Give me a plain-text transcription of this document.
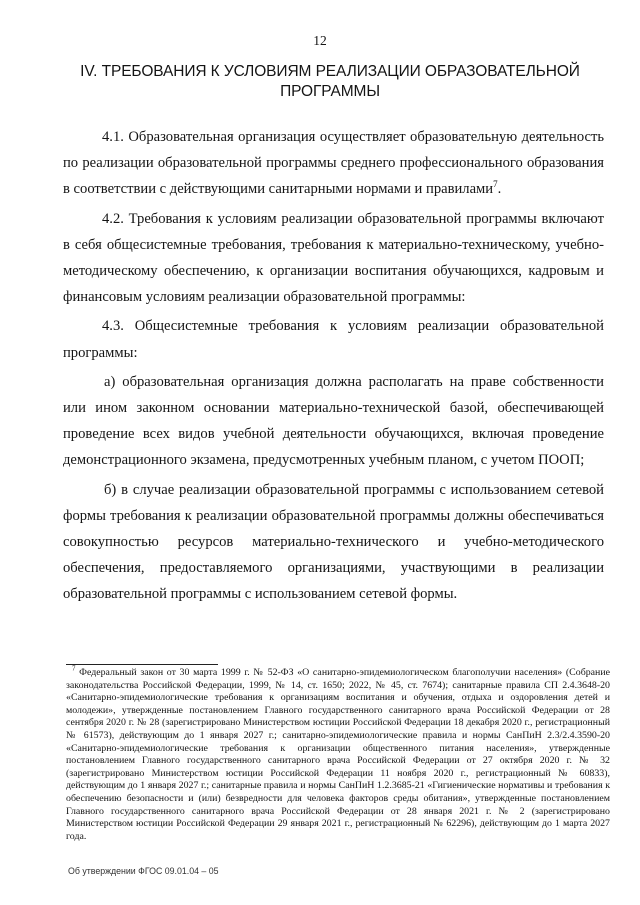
12
IV. ТРЕБОВАНИЯ К УСЛОВИЯМ РЕАЛИЗАЦИИ ОБРАЗОВАТЕЛЬНОЙ ПРОГРАММЫ

4.1. Образовательная организация осуществляет образовательную деятельность по реализации образовательной программы среднего профессионального образования в соответствии с действующими санитарными нормами и правилами$^7$.

4.2. Требования к условиям реализации образовательной программы включают в себя общесистемные требования, требования к материально-техническому, учебно-методическому обеспечению, к организации воспитания обучающихся, кадровым и финансовым условиям реализации образовательной программы:

4.3. Общесистемные требования к условиям реализации образовательной программы:

а) образовательная организация должна располагать на праве собственности или ином законном основании материально-технической базой, обеспечивающей проведение всех видов учебной деятельности обучающихся, включая проведение демонстрационного экзамена, предусмотренных учебным планом, с учетом ПООП;

б) в случае реализации образовательной программы с использованием сетевой формы требования к реализации образовательной программы должны обеспечиваться совокупностью ресурсов материально-технического и учебно-методического обеспечения, предоставляемого организациями, участвующими в реализации образовательной программы с использованием сетевой формы.

$^7$ Федеральный закон от 30 марта 1999 г. № 52-ФЗ «О санитарно-эпидемиологическом благополучии населения» (Собрание законодательства Российской Федерации, 1999, № 14, ст. 1650; 2022, № 45, ст. 7674); санитарные правила СП 2.4.3648-20 «Санитарно-эпидемиологические требования к организациям воспитания и обучения, отдыха и оздоровления детей и молодежи», утвержденные постановлением Главного государственного санитарного врача Российской Федерации от 28 сентября 2020 г. № 28 (зарегистрировано Министерством юстиции Российской Федерации 18 декабря 2020 г., регистрационный № 61573), действующим до 1 января 2027 г.; санитарно-эпидемиологические правила и нормы СанПиН 2.3/2.4.3590-20 «Санитарно-эпидемиологические требования к организации общественного питания населения», утвержденные постановлением Главного государственного санитарного врача Российской Федерации от 27 октября 2020 г. № 32 (зарегистрировано Министерством юстиции Российской Федерации 11 ноября 2020 г., регистрационный № 60833), действующим до 1 января 2027 г.; санитарные правила и нормы СанПиН 1.2.3685-21 «Гигиенические нормативы и требования к обеспечению безопасности и (или) безвредности для человека факторов среды обитания», утвержденные постановлением Главного государственного санитарного врача Российской Федерации от 28 января 2021 г. № 2 (зарегистрировано Министерством юстиции Российской Федерации 29 января 2021 г., регистрационный № 62296), действующим до 1 марта 2027 года.
Об утверждении ФГОС 09.01.04 – 05
